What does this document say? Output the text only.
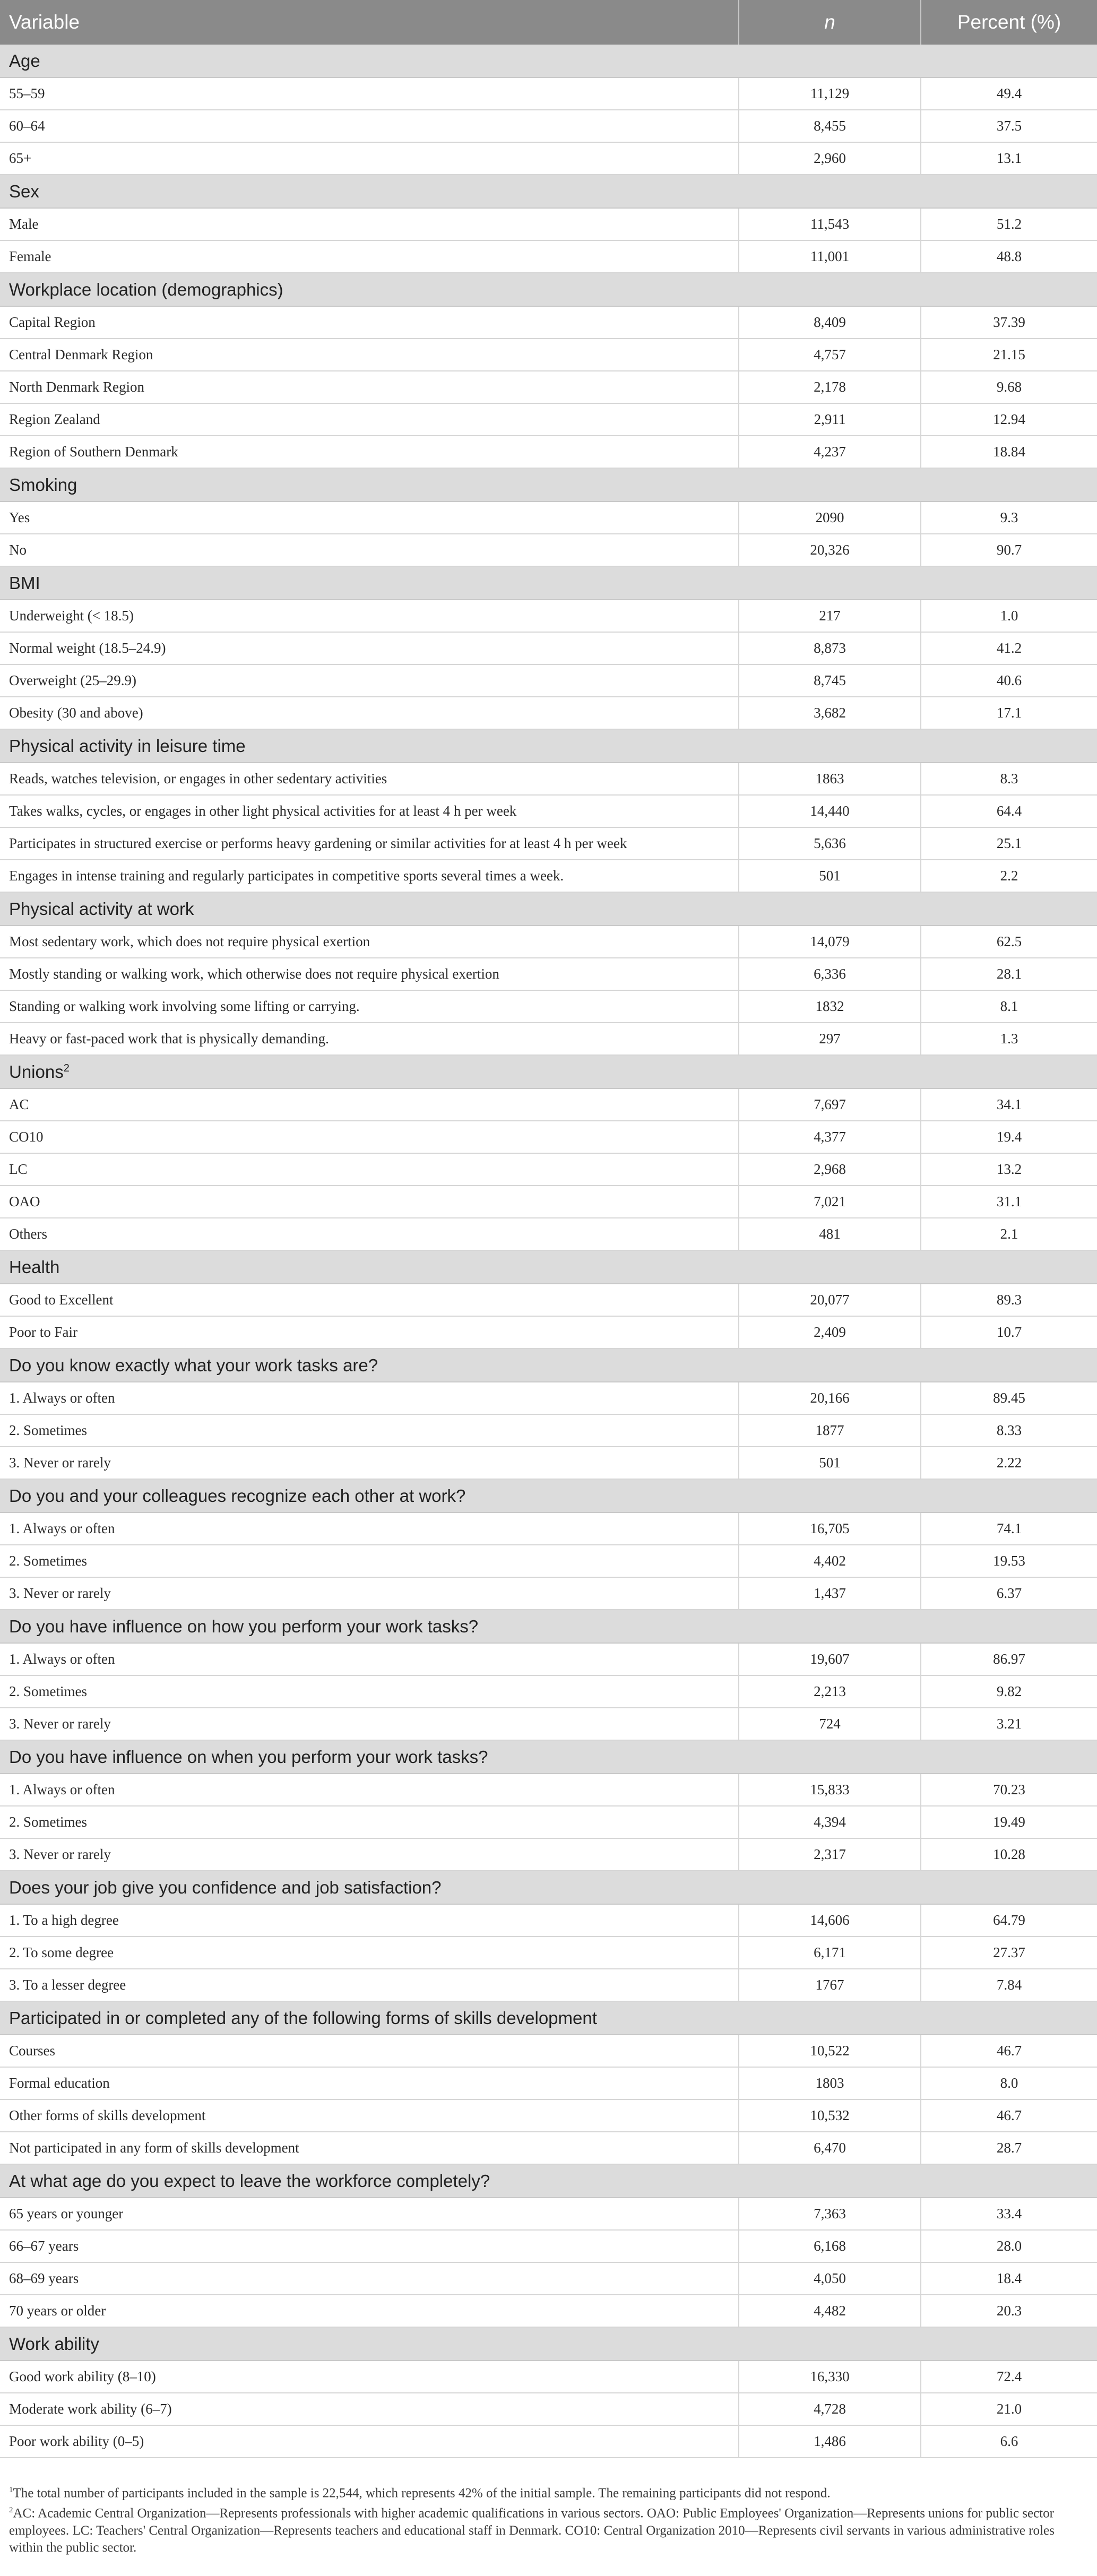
Variable	n	Percent (%)
Age		
55–59	11,129	49.4
60–64	8,455	37.5
65+	2,960	13.1
Sex		
Male	11,543	51.2
Female	11,001	48.8
Workplace location (demographics)		
Capital Region	8,409	37.39
Central Denmark Region	4,757	21.15
North Denmark Region	2,178	9.68
Region Zealand	2,911	12.94
Region of Southern Denmark	4,237	18.84
Smoking		
Yes	2090	9.3
No	20,326	90.7
BMI		
Underweight (< 18.5)	217	1.0
Normal weight (18.5–24.9)	8,873	41.2
Overweight (25–29.9)	8,745	40.6
Obesity (30 and above)	3,682	17.1
Physical activity in leisure time		
Reads, watches television, or engages in other sedentary activities	1863	8.3
Takes walks, cycles, or engages in other light physical activities for at least 4 h per week	14,440	64.4
Participates in structured exercise or performs heavy gardening or similar activities for at least 4 h per week	5,636	25.1
Engages in intense training and regularly participates in competitive sports several times a week.	501	2.2
Physical activity at work		
Most sedentary work, which does not require physical exertion	14,079	62.5
Mostly standing or walking work, which otherwise does not require physical exertion	6,336	28.1
Standing or walking work involving some lifting or carrying.	1832	8.1
Heavy or fast-paced work that is physically demanding.	297	1.3
Unions$^2$
AC	7,697	34.1
CO10	4,377	19.4
LC	2,968	13.2
OAO	7,021	31.1
Others	481	2.1
Health		
Good to Excellent	20,077	89.3
Poor to Fair	2,409	10.7
Do you know exactly what your work tasks are?		
1. Always or often	20,166	89.45
2. Sometimes	1877	8.33
3. Never or rarely	501	2.22
Do you and your colleagues recognize each other at work?		
1. Always or often	16,705	74.1
2. Sometimes	4,402	19.53
3. Never or rarely	1,437	6.37
Do you have influence on how you perform your work tasks?		
1. Always or often	19,607	86.97
2. Sometimes	2,213	9.82
3. Never or rarely	724	3.21
Do you have influence on when you perform your work tasks?		
1. Always or often	15,833	70.23
2. Sometimes	4,394	19.49
3. Never or rarely	2,317	10.28
Does your job give you confidence and job satisfaction?		
1. To a high degree	14,606	64.79
2. To some degree	6,171	27.37
3. To a lesser degree	1767	7.84
Participated in or completed any of the following forms of skills development		
Courses	10,522	46.7
Formal education	1803	8.0
Other forms of skills development	10,532	46.7
Not participated in any form of skills development	6,470	28.7
At what age do you expect to leave the workforce completely?		
65 years or younger	7,363	33.4
66–67 years	6,168	28.0
68–69 years	4,050	18.4
70 years or older	4,482	20.3
Work ability		
Good work ability (8–10)	16,330	72.4
Moderate work ability (6–7)	4,728	21.0
Poor work ability (0–5)	1,486	6.6

$^1$The total number of participants included in the sample is 22,544, which represents 42% of the initial sample. The remaining participants did not respond.

$^2$AC: Academic Central Organization—Represents professionals with higher academic qualifications in various sectors. OAO: Public Employees' Organization—Represents unions for public sector employees. LC: Teachers' Central Organization—Represents teachers and educational staff in Denmark. CO10: Central Organization 2010—Represents civil servants in various administrative roles within the public sector.
